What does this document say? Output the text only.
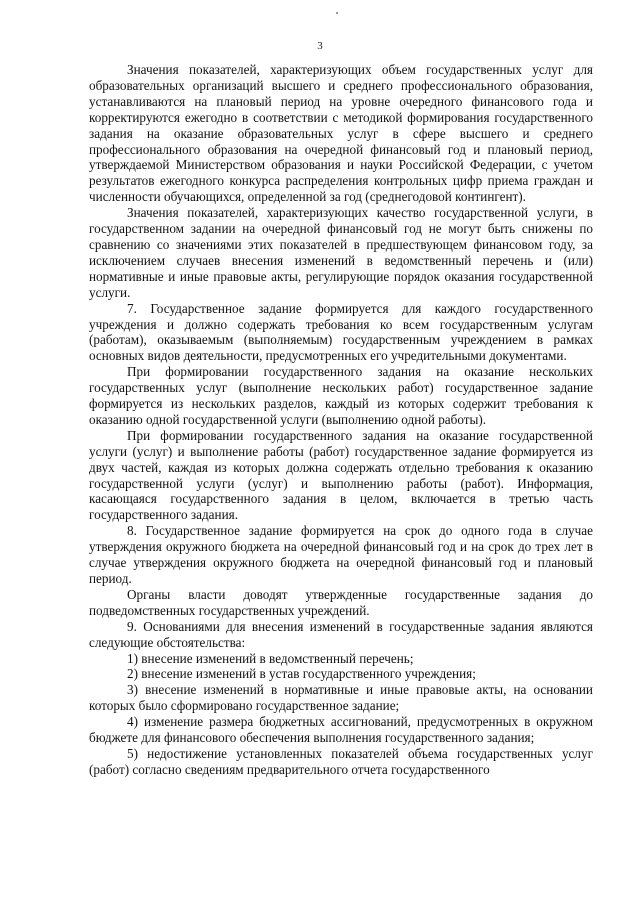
3

Значения показателей, характеризующих объем государственных услуг для образовательных организаций высшего и среднего профессионального образования, устанавливаются на плановый период на уровне очередного финансового года и корректируются ежегодно в соответствии с методикой формирования государственного задания на оказание образовательных услуг в сфере высшего и среднего профессионального образования на очередной финансовый год и плановый период, утверждаемой Министерством образования и науки Российской Федерации, с учетом результатов ежегодного конкурса распределения контрольных цифр приема граждан и численности обучающихся, определенной за год (среднегодовой контингент).

Значения показателей, характеризующих качество государственной услуги, в государственном задании на очередной финансовый год не могут быть снижены по сравнению со значениями этих показателей в предшествующем финансовом году, за исключением случаев внесения изменений в ведомственный перечень и (или) нормативные и иные правовые акты, регулирующие порядок оказания государственной услуги.

7. Государственное задание формируется для каждого государственного учреждения и должно содержать требования ко всем государственным услугам (работам), оказываемым (выполняемым) государственным учреждением в рамках основных видов деятельности, предусмотренных его учредительными документами.

При формировании государственного задания на оказание нескольких государственных услуг (выполнение нескольких работ) государственное задание формируется из нескольких разделов, каждый из которых содержит требования к оказанию одной государственной услуги (выполнению одной работы).

При формировании государственного задания на оказание государственной услуги (услуг) и выполнение работы (работ) государственное задание формируется из двух частей, каждая из которых должна содержать отдельно требования к оказанию государственной услуги (услуг) и выполнению работы (работ). Информация, касающаяся государственного задания в целом, включается в третью часть государственного задания.

8. Государственное задание формируется на срок до одного года в случае утверждения окружного бюджета на очередной финансовый год и на срок до трех лет в случае утверждения окружного бюджета на очередной финансовый год и плановый период.

Органы власти доводят утвержденные государственные задания до подведомственных государственных учреждений.

9. Основаниями для внесения изменений в государственные задания являются следующие обстоятельства:

1) внесение изменений в ведомственный перечень;

2) внесение изменений в устав государственного учреждения;

3) внесение изменений в нормативные и иные правовые акты, на основании которых было сформировано государственное задание;

4) изменение размера бюджетных ассигнований, предусмотренных в окружном бюджете для финансового обеспечения выполнения государственного задания;

5) недостижение установленных показателей объема государственных услуг (работ) согласно сведениям предварительного отчета государственного
